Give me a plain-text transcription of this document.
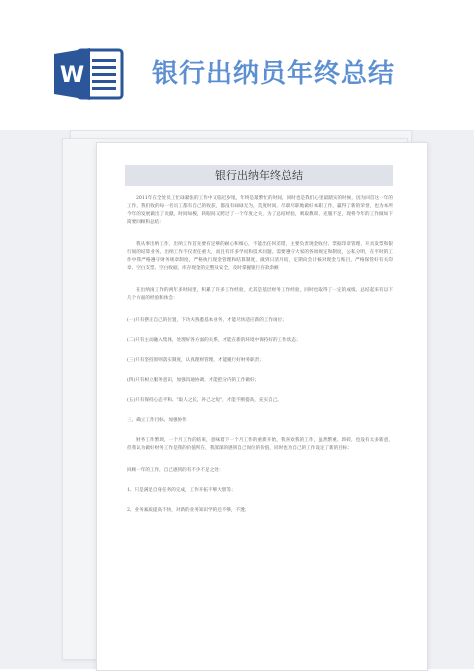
W	银行出纳员年终总结
银行出纳年终总结

2011年在全处员工忙碌紧张的工作中又临近岁尾，年终是最繁忙的时间，同时也是我们心里最踏实的时候，因为回首这一年的工作，我们收的每一名员工都有自己的收获，都没有碌碌无为，荒度时间，尽职尽职地做好本职工作，赢得了新的荣誉，也为本所今年的发展做出了贡献。时间如梭，转眼间又跨过了一个年度之关，为了总结经验，吸取教训，克服不足，现将今年的工作做如下简要回顾和总结：

我从事出纳工作，出纳工作首先要有足够的耐心和细心，不能出任何差错，主要负责现金收付、票据印章管理、开具发票和银行间的结算业务。出纳工作不仅责任重大，而且有许多学问和技术问题。需要遵守大家的各项规定和制度，公私分明，在平时的工作中我严格遵守财务规章制度，严格执行现金管理和结算制度，做到日清月结，定期向会计核对现金与账目，严格保管好有关印章、空白支票、空白收据，库存现金的完整及安全，及时掌握银行存款余额

在出纳岗工作的两年多时间里，积累了许多工作经验，尤其是基层财务工作经验，同时也取得了一定的成绩。总结起来有以下几个方面的经验和体会：

(一)只有摆正自己的位置，下功夫熟悉基本业务，才能尽快适应新的工作岗位；

(二)只有主动融入集体，处理好各方面的关系，才能在新的环境中保持好的工作状态；

(三)只有坚持原则落实制度，认真理财管理，才能履行好财务职责；

(四)只有树立服务意识，加强沟通协调，才能把分内的工作做好；

(五)只有保持心态平和、"取人之长，补己之短"，才能不断提高，充实自己。

三、确立工作目标，加强协作

财务工作繁琐，一个月工作的结束，意味着下一个月工作的重新开始，我喜欢我的工作，虽然繁重、琐碎，也没有太多新意，但我认为做好财务工作是我的价值所在，我深深的感到自己岗位的价值，同时也为自己的工作设定了新的目标：

回顾一年的工作，自己感到的有不少不足之处：

1、只是满足自身任务的完成，工作开拓不够大胆等；

2、业务素质提高不快，对新的业务知识学的还不够，不透；
